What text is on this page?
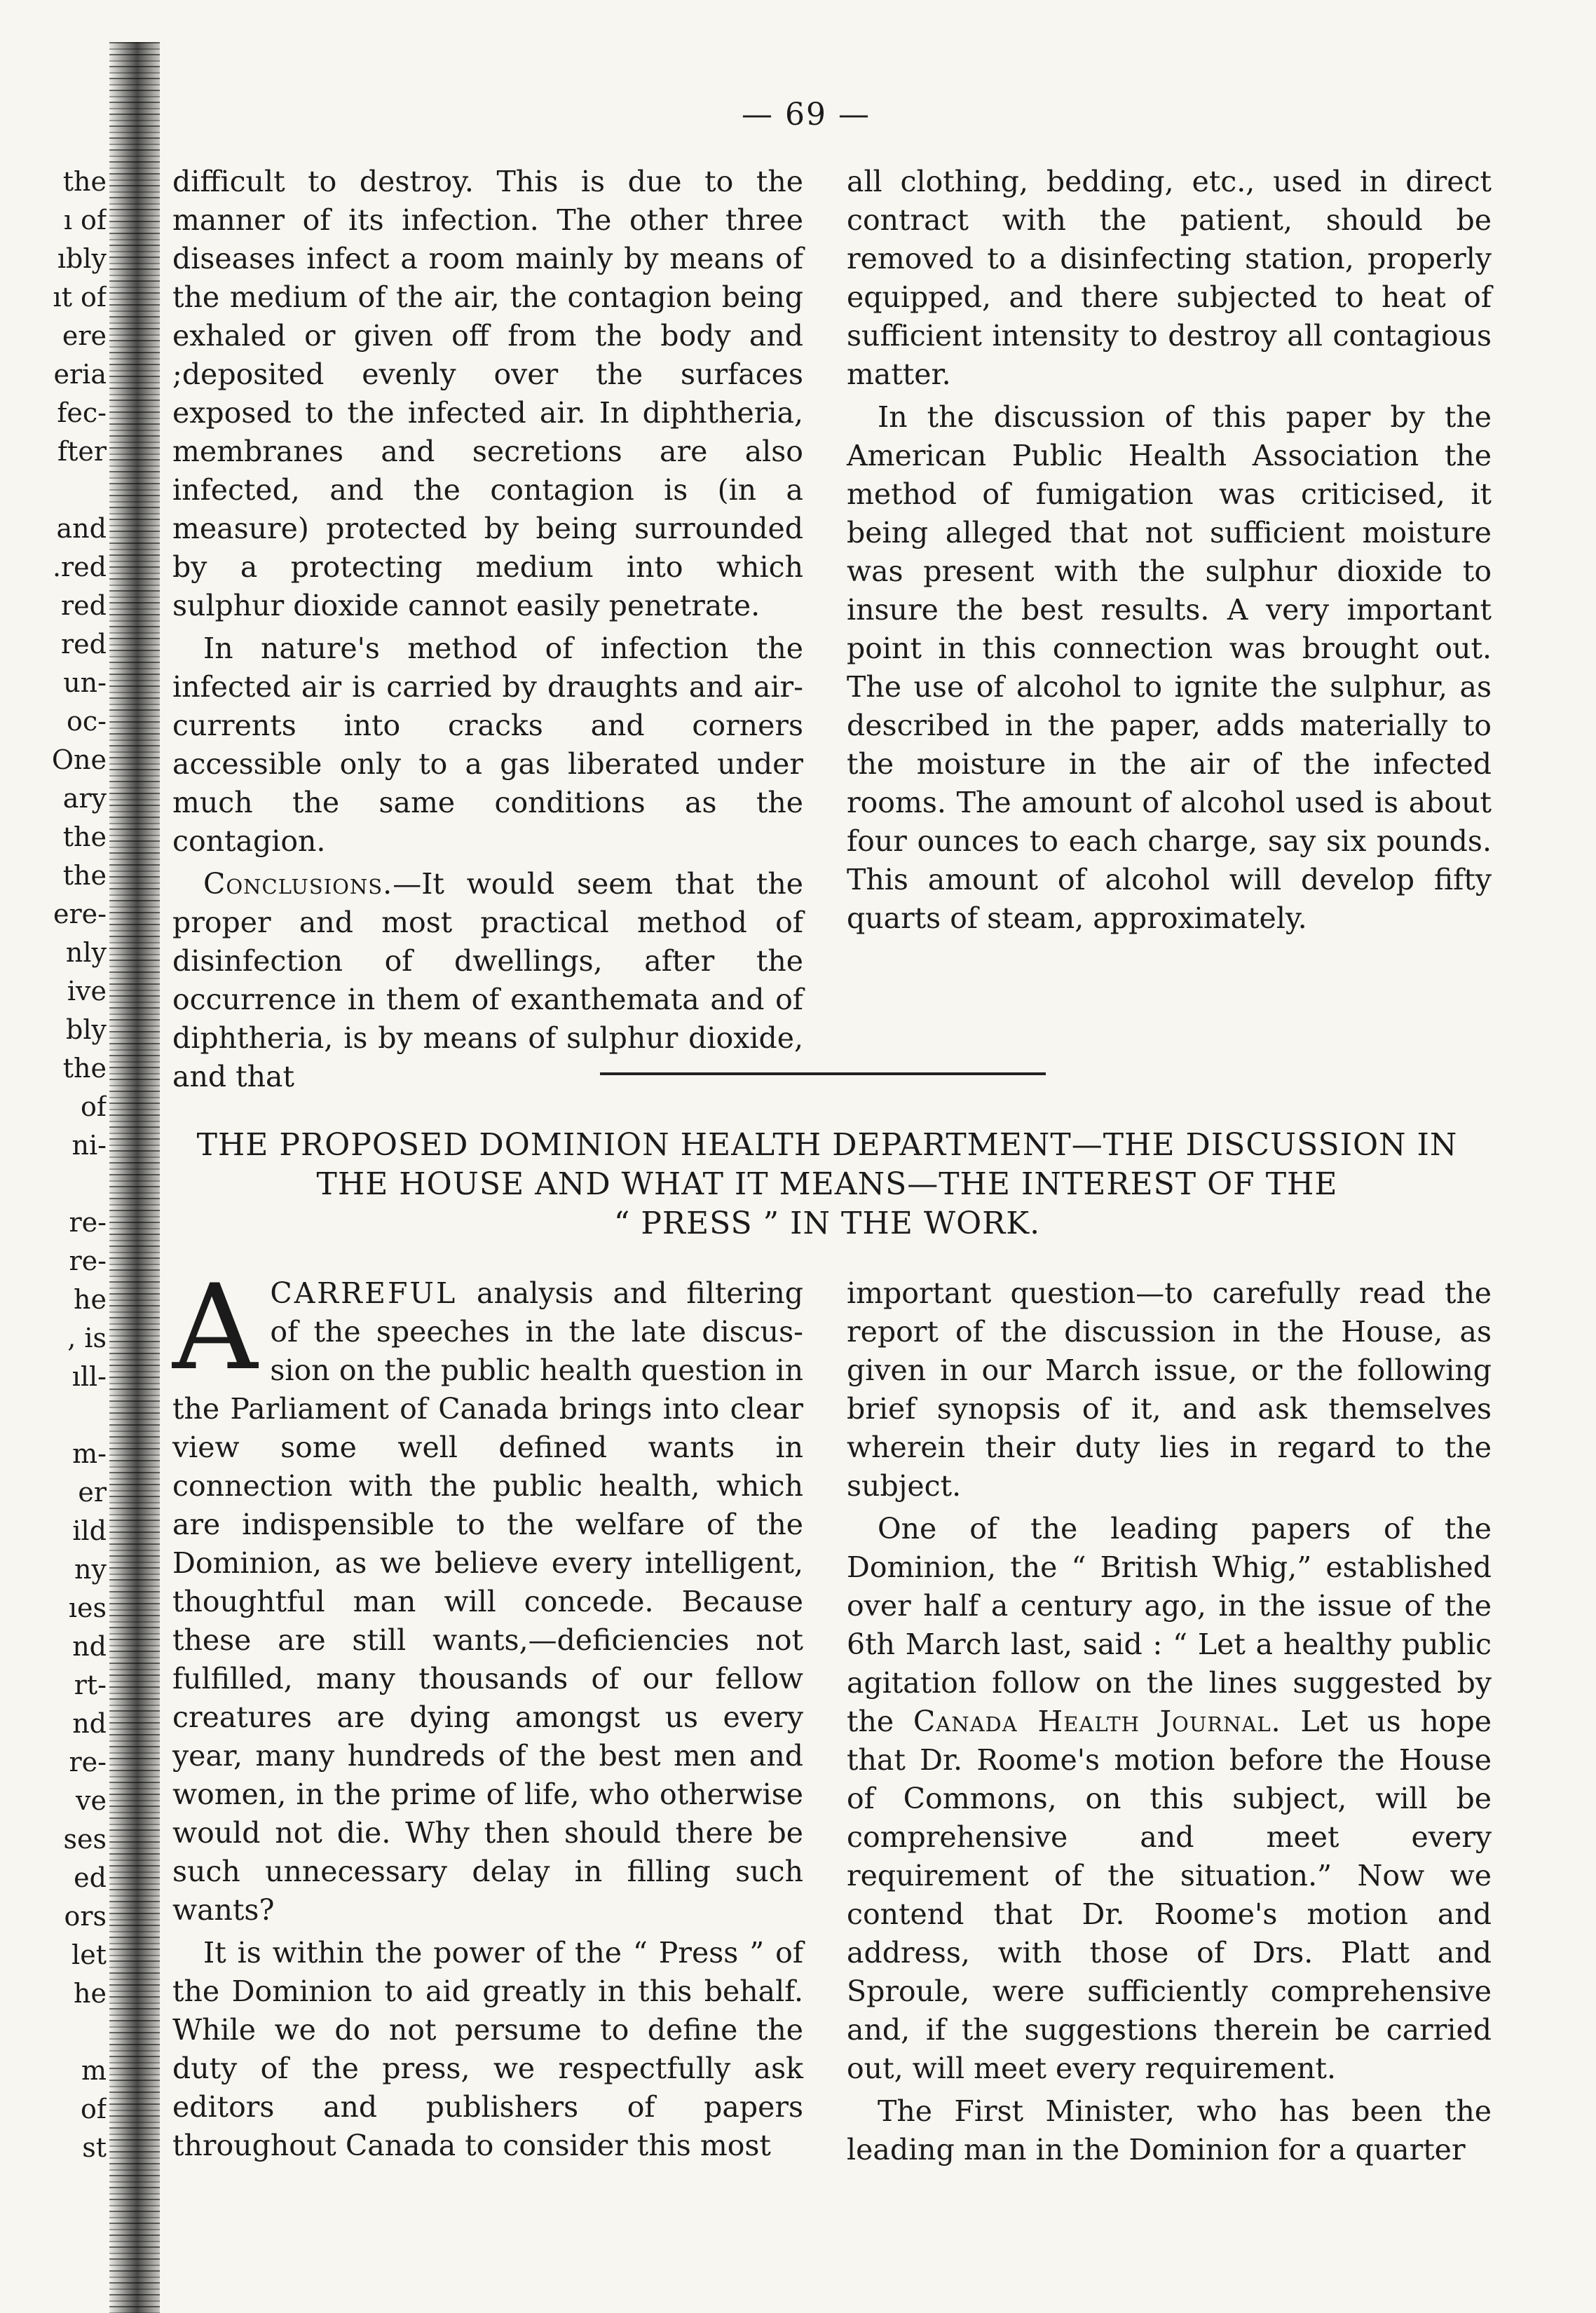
the
ı of
ıbly
ıt of
ere
eria
fec-
fter
and
.red
red
red
un-
oc-
One
ary
the
the
ere-
nly
ive
bly
the
of
ni-
re-
re-
he
, is
ıll-
m-
er
ild
ny
ıes
nd
rt-
nd
re-
ve
ses
ed
ors
let
he
m
of
st
— 69 —

difficult to destroy. This is due to the manner of its infection. The other three diseases infect a room mainly by means of the medium of the air, the contagion being exhaled or given off from the body and ;deposited evenly over the surfaces exposed to the infected air. In diphtheria, membranes and secretions are also infected, and the contagion is (in a measure) protected by being surrounded by a protecting medium into which sulphur dioxide cannot easily penetrate.

In nature's method of infection the infected air is carried by draughts and air-currents into cracks and corners accessible only to a gas liberated under much the same conditions as the contagion.

Conclusions.—It would seem that the proper and most practical method of disinfection of dwellings, after the occurrence in them of exanthemata and of diphtheria, is by means of sulphur dioxide, and that

all clothing, bedding, etc., used in direct contract with the patient, should be removed to a disinfecting station, properly equipped, and there subjected to heat of sufficient intensity to destroy all contagious matter.

In the discussion of this paper by the American Public Health Association the method of fumigation was criticised, it being alleged that not sufficient moisture was present with the sulphur dioxide to insure the best results. A very important point in this connection was brought out. The use of alcohol to ignite the sulphur, as described in the paper, adds materially to the moisture in the air of the infected rooms. The amount of alcohol used is about four ounces to each charge, say six pounds. This amount of alcohol will develop fifty quarts of steam, approximately.

THE PROPOSED DOMINION HEALTH DEPARTMENT—THE DISCUSSION IN
THE HOUSE AND WHAT IT MEANS—THE INTEREST OF THE
“ PRESS ” IN THE WORK.

ACARREFUL analysis and filtering of the speeches in the late discussion on the public health question in the Parliament of Canada brings into clear view some well defined wants in connection with the public health, which are indispensible to the welfare of the Dominion, as we believe every intelligent, thoughtful man will concede. Because these are still wants,—deficiencies not fulfilled, many thousands of our fellow creatures are dying amongst us every year, many hundreds of the best men and women, in the prime of life, who otherwise would not die. Why then should there be such unnecessary delay in filling such wants?

It is within the power of the “ Press ” of the Dominion to aid greatly in this behalf. While we do not persume to define the duty of the press, we respectfully ask editors and publishers of papers throughout Canada to consider this most

important question—to carefully read the report of the discussion in the House, as given in our March issue, or the following brief synopsis of it, and ask themselves wherein their duty lies in regard to the subject.

One of the leading papers of the Dominion, the “ British Whig,” established over half a century ago, in the issue of the 6th March last, said : “ Let a healthy public agitation follow on the lines suggested by the Canada Health Journal. Let us hope that Dr. Roome's motion before the House of Commons, on this subject, will be comprehensive and meet every requirement of the situation.” Now we contend that Dr. Roome's motion and address, with those of Drs. Platt and Sproule, were sufficiently comprehensive and, if the suggestions therein be carried out, will meet every requirement.

The First Minister, who has been the leading man in the Dominion for a quarter
